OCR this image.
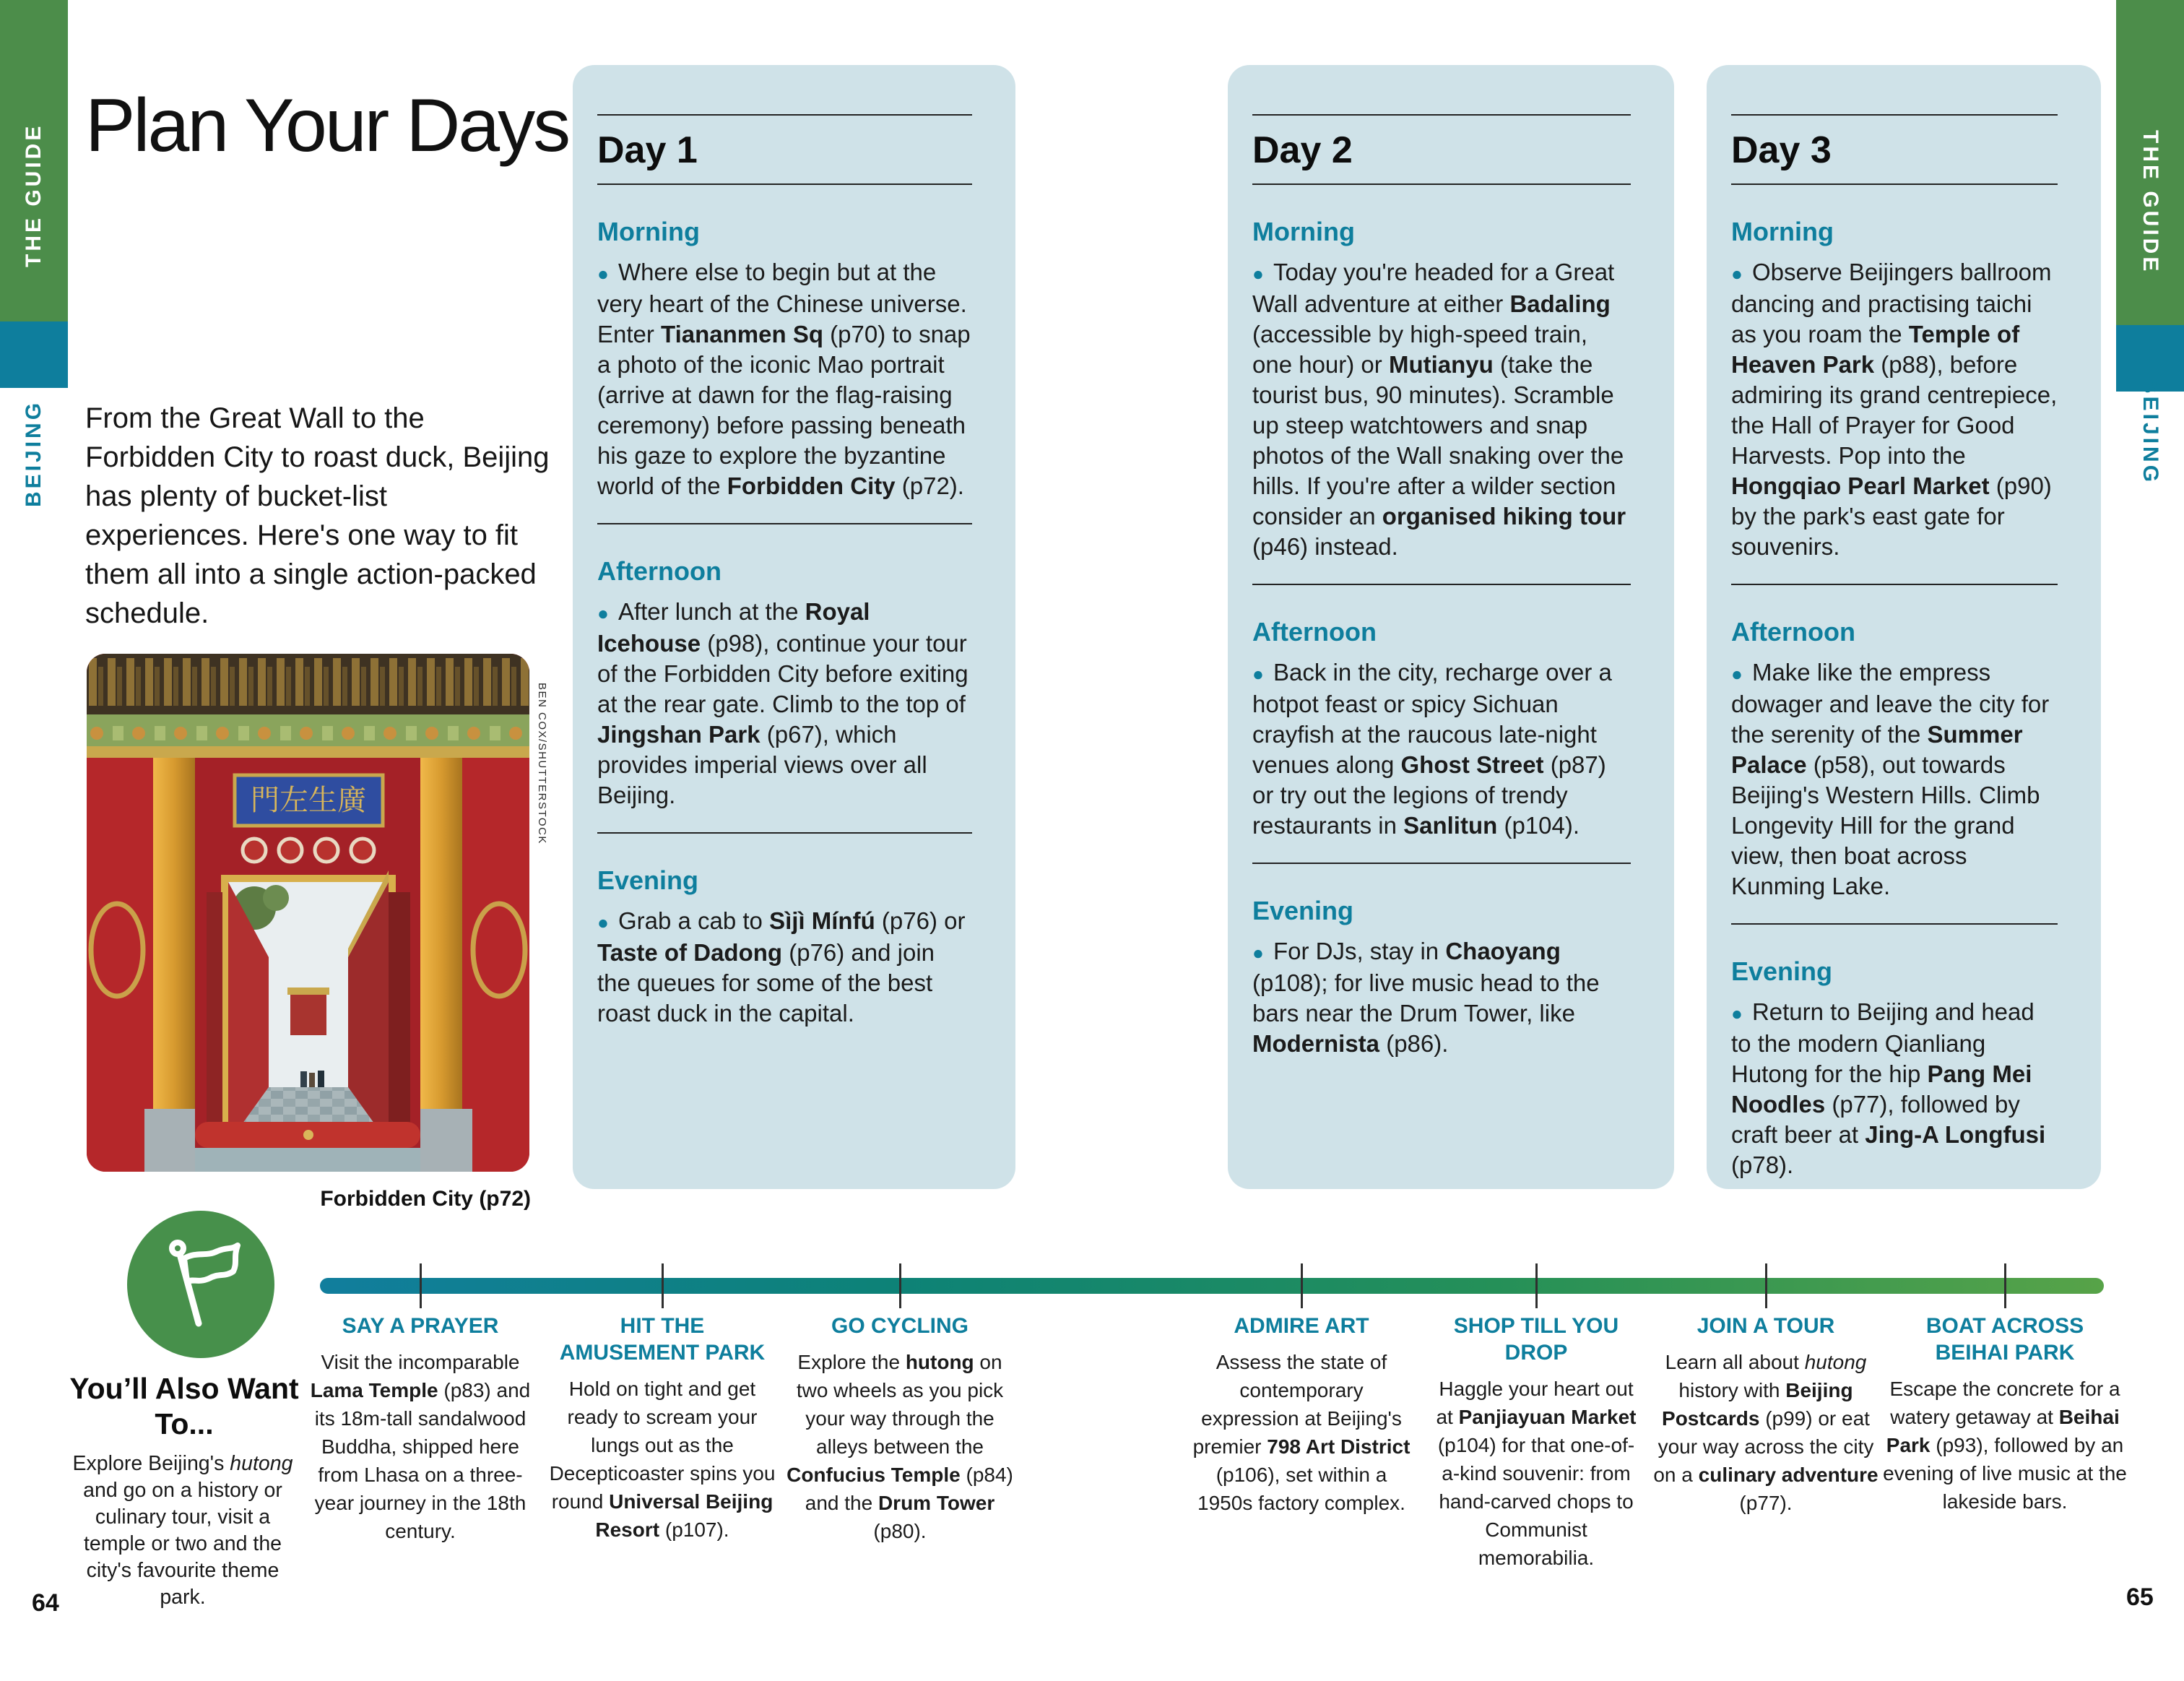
THE GUIDE
BEIJING
THE GUIDE
BEIJING
Plan Your Days

From the Great Wall to the Forbidden City to roast duck, Beijing has plenty of bucket-list experiences. Here's one way to fit them all into a single action-packed schedule.

門左生廣	BEN COX/SHUTTERSTOCK
Forbidden City (p72)
Day 1
Morning

● Where else to begin but at the very heart of the Chinese universe. Enter Tiananmen Sq (p70) to snap a photo of the iconic Mao portrait (arrive at dawn for the flag-raising ceremony) before passing beneath his gaze to explore the byzantine world of the Forbidden City (p72).

Afternoon

● After lunch at the Royal Icehouse (p98), continue your tour of the Forbidden City before exiting at the rear gate. Climb to the top of Jingshan Park (p67), which provides imperial views over all Beijing.

Evening

● Grab a cab to Sìjì Mínfú (p76) or Taste of Dadong (p76) and join the queues for some of the best roast duck in the capital.

Day 2
Morning

● Today you're headed for a Great Wall adventure at either Badaling (accessible by high-speed train, one hour) or Mutianyu (take the tourist bus, 90 minutes). Scramble up steep watchtowers and snap photos of the Wall snaking over the hills. If you're after a wilder section consider an organised hiking tour (p46) instead.

Afternoon

● Back in the city, recharge over a hotpot feast or spicy Sichuan crayfish at the raucous late-night venues along Ghost Street (p87) or try out the legions of trendy restaurants in Sanlitun (p104).

Evening

● For DJs, stay in Chaoyang (p108); for live music head to the bars near the Drum Tower, like Modernista (p86).

Day 3
Morning

● Observe Beijingers ballroom dancing and practising taichi as you roam the Temple of Heaven Park (p88), before admiring its grand centrepiece, the Hall of Prayer for Good Harvests. Pop into the Hongqiao Pearl Market (p90) by the park's east gate for souvenirs.

Afternoon

● Make like the empress dowager and leave the city for the serenity of the Summer Palace (p58), out towards Beijing's Western Hills. Climb Longevity Hill for the grand view, then boat across Kunming Lake.

Evening

● Return to Beijing and head to the modern Qianliang Hutong for the hip Pang Mei Noodles (p77), followed by craft beer at Jing-A Longfusi (p78).

You’ll Also Want To...

Explore Beijing's hutong and go on a history or culinary tour, visit a temple or two and the city's favourite theme park.

SAY A PRAYER

Visit the incomparable Lama Temple (p83) and its 18m-tall sandalwood Buddha, shipped here from Lhasa on a three-year journey in the 18th century.

HIT THE AMUSEMENT PARK

Hold on tight and get ready to scream your lungs out as the Decepticoaster spins you round Universal Beijing Resort (p107).

GO CYCLING

Explore the hutong on two wheels as you pick your way through the alleys between the Confucius Temple (p84) and the Drum Tower (p80).

ADMIRE ART

Assess the state of contemporary expression at Beijing's premier 798 Art District (p106), set within a 1950s factory complex.

SHOP TILL YOU DROP

Haggle your heart out at Panjiayuan Market (p104) for that one-of-a-kind souvenir: from hand-carved chops to Communist memorabilia.

JOIN A TOUR

Learn all about hutong history with Beijing Postcards (p99) or eat your way across the city on a culinary adventure (p77).

BOAT ACROSS BEIHAI PARK

Escape the concrete for a watery getaway at Beihai Park (p93), followed by an evening of live music at the lakeside bars.

64	65
